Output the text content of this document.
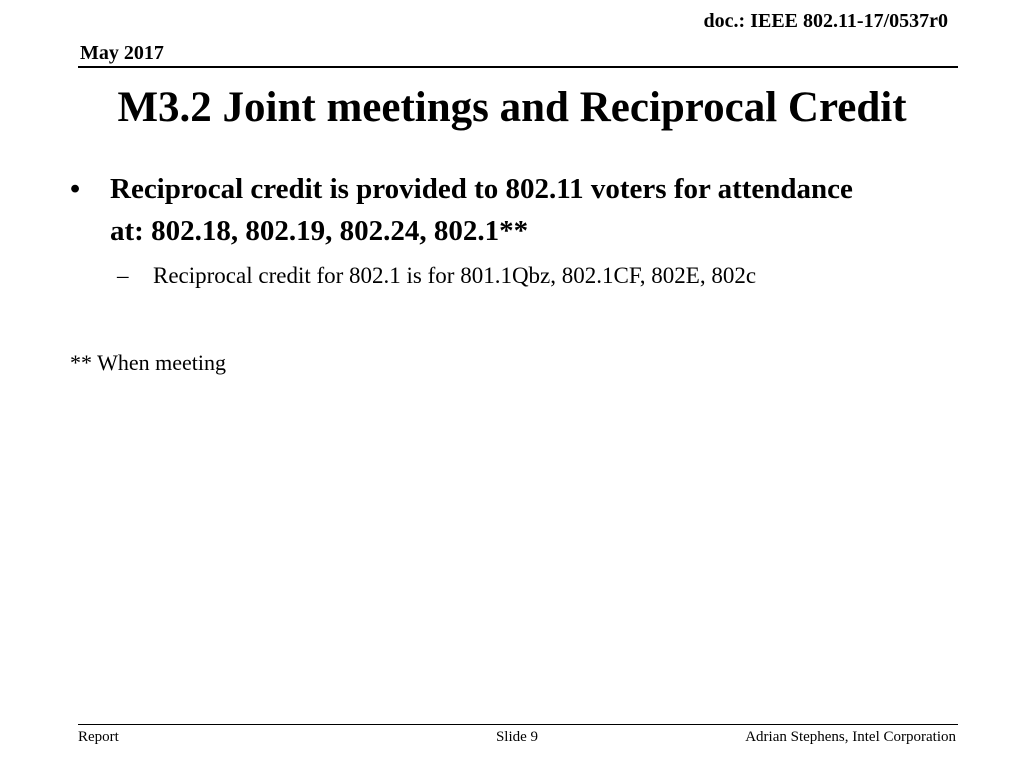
doc.: IEEE 802.11-17/0537r0
May 2017
M3.2 Joint meetings and Reciprocal Credit
• Reciprocal credit is provided to 802.11 voters for attendance at: 802.18, 802.19, 802.24, 802.1**
– Reciprocal credit for 802.1 is for 801.1Qbz, 802.1CF, 802E, 802c
** When meeting
Report	Slide 9	Adrian Stephens, Intel Corporation
